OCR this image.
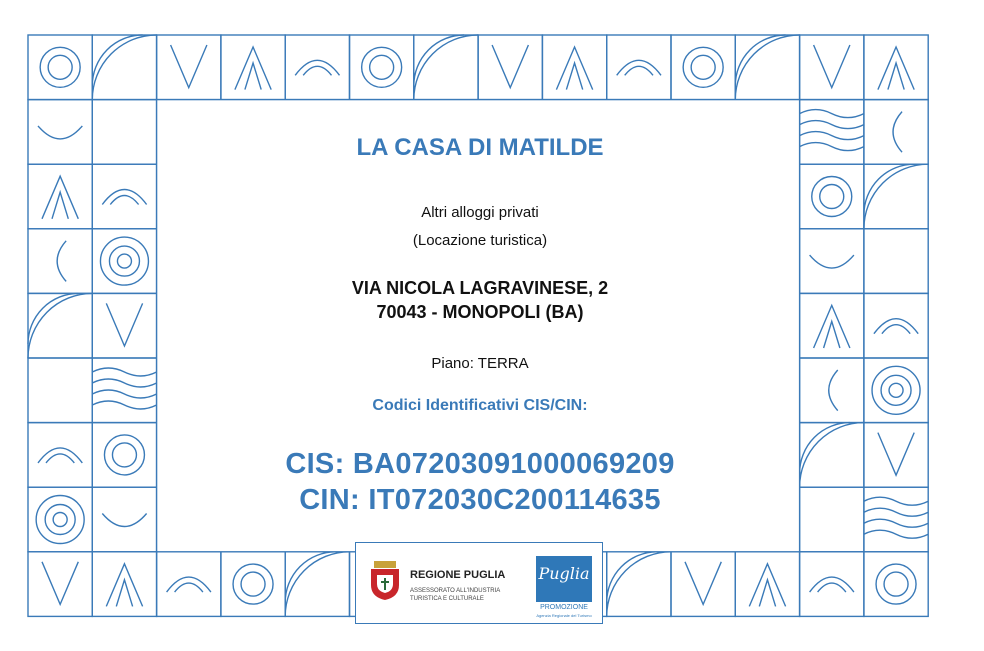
LA CASA DI MATILDE
Altri alloggi privati
(Locazione turistica)
VIA NICOLA LAGRAVINESE, 2
70043 - MONOPOLI (BA)
Piano: TERRA
Codici Identificativi CIS/CIN:
CIS: BA07203091000069209
CIN: IT072030C200114635
REGIONE PUGLIA
ASSESSORATO ALL'INDUSTRIA
TURISTICA E CULTURALE
Puglia
PROMOZIONE
Agenzia Regionale del Turismo
